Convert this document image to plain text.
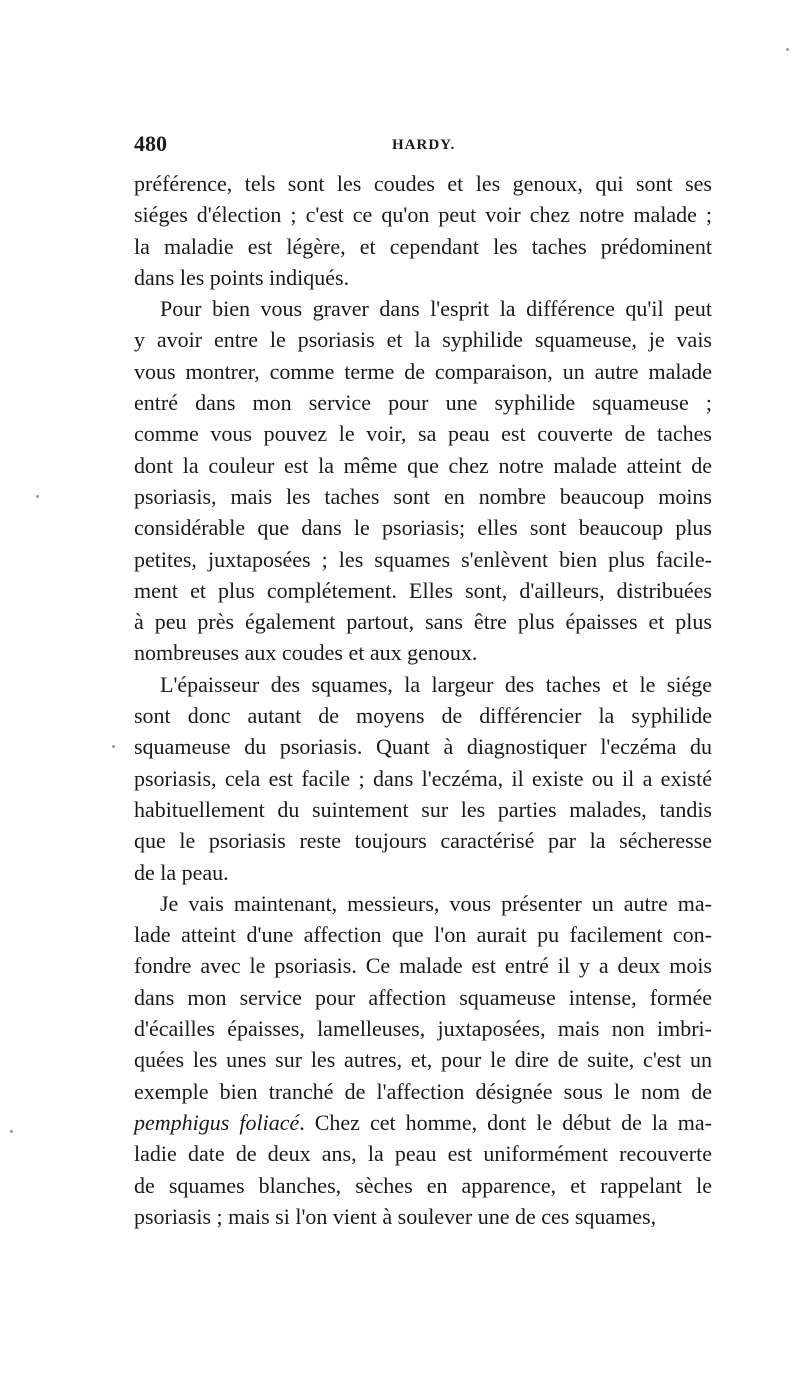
480	HARDY.

préférence, tels sont les coudes et les genoux, qui sont ses
siéges d'élection ; c'est ce qu'on peut voir chez notre malade ;
la maladie est légère, et cependant les taches prédominent
dans les points indiqués.

Pour bien vous graver dans l'esprit la différence qu'il peut
y avoir entre le psoriasis et la syphilide squameuse, je vais
vous montrer, comme terme de comparaison, un autre malade
entré dans mon service pour une syphilide squameuse ;
comme vous pouvez le voir, sa peau est couverte de taches
dont la couleur est la même que chez notre malade atteint de
psoriasis, mais les taches sont en nombre beaucoup moins
considérable que dans le psoriasis; elles sont beaucoup plus
petites, juxtaposées ; les squames s'enlèvent bien plus facile-
ment et plus complétement. Elles sont, d'ailleurs, distribuées
à peu près également partout, sans être plus épaisses et plus
nombreuses aux coudes et aux genoux.

L'épaisseur des squames, la largeur des taches et le siége
sont donc autant de moyens de différencier la syphilide
squameuse du psoriasis. Quant à diagnostiquer l'eczéma du
psoriasis, cela est facile ; dans l'eczéma, il existe ou il a existé
habituellement du suintement sur les parties malades, tandis
que le psoriasis reste toujours caractérisé par la sécheresse
de la peau.

Je vais maintenant, messieurs, vous présenter un autre ma-
lade atteint d'une affection que l'on aurait pu facilement con-
fondre avec le psoriasis. Ce malade est entré il y a deux mois
dans mon service pour affection squameuse intense, formée
d'écailles épaisses, lamelleuses, juxtaposées, mais non imbri-
quées les unes sur les autres, et, pour le dire de suite, c'est un
exemple bien tranché de l'affection désignée sous le nom de
pemphigus foliacé. Chez cet homme, dont le début de la ma-
ladie date de deux ans, la peau est uniformément recouverte
de squames blanches, sèches en apparence, et rappelant le
psoriasis ; mais si l'on vient à soulever une de ces squames,
